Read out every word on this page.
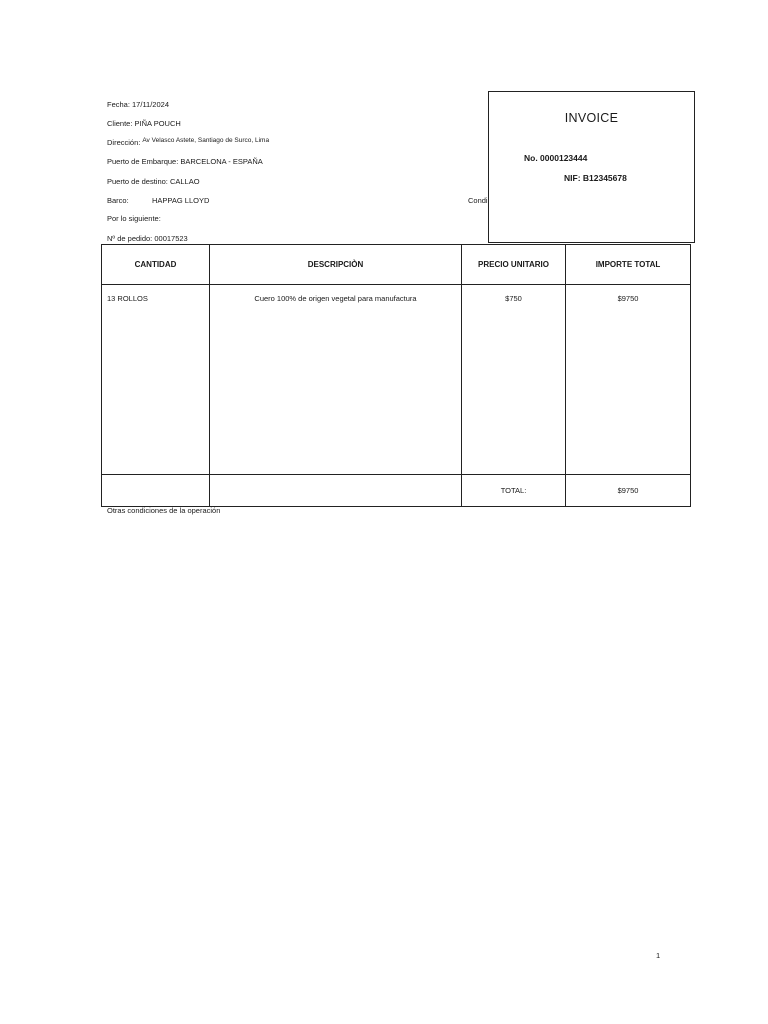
Fecha: 17/11/2024
Cliente: PIÑA POUCH
Dirección: Av Velasco Astete, Santiago de Surco, Lima
Puerto de Embarque: BARCELONA - ESPAÑA
Puerto de destino: CALLAO
Barco:	HAPPAG LLOYD	Condi
Por lo siguiente:
Nº de pedido: 00017523
INVOICE
No. 0000123444
NIF: B12345678
CANTIDAD	DESCRIPCIÒN	PRECIO UNITARIO	IMPORTE TOTAL
13 ROLLOS	Cuero 100% de origen vegetal para manufactura	$750	$9750
		TOTAL:	$9750
Otras condiciones de la operación
1
